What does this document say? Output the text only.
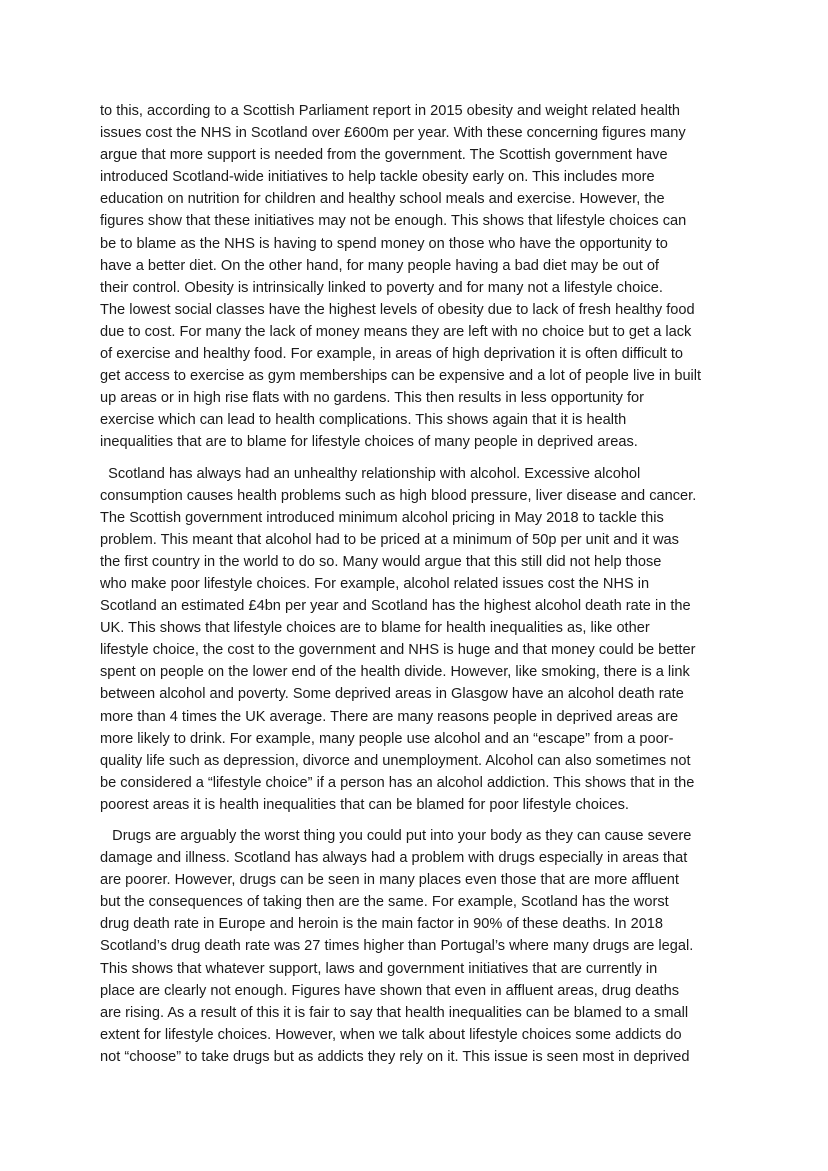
to this, according to a Scottish Parliament report in 2015 obesity and weight related health
issues cost the NHS in Scotland over £600m per year. With these concerning figures many
argue that more support is needed from the government. The Scottish government have
introduced Scotland-wide initiatives to help tackle obesity early on. This includes more
education on nutrition for children and healthy school meals and exercise. However, the
figures show that these initiatives may not be enough. This shows that lifestyle choices can
be to blame as the NHS is having to spend money on those who have the opportunity to
have a better diet. On the other hand, for many people having a bad diet may be out of
their control. Obesity is intrinsically linked to poverty and for many not a lifestyle choice.
The lowest social classes have the highest levels of obesity due to lack of fresh healthy food
due to cost. For many the lack of money means they are left with no choice but to get a lack
of exercise and healthy food. For example, in areas of high deprivation it is often difficult to
get access to exercise as gym memberships can be expensive and a lot of people live in built
up areas or in high rise flats with no gardens. This then results in less opportunity for
exercise which can lead to health complications. This shows again that it is health
inequalities that are to blame for lifestyle choices of many people in deprived areas.

Scotland has always had an unhealthy relationship with alcohol. Excessive alcohol
consumption causes health problems such as high blood pressure, liver disease and cancer.
The Scottish government introduced minimum alcohol pricing in May 2018 to tackle this
problem. This meant that alcohol had to be priced at a minimum of 50p per unit and it was
the first country in the world to do so. Many would argue that this still did not help those
who make poor lifestyle choices. For example, alcohol related issues cost the NHS in
Scotland an estimated £4bn per year and Scotland has the highest alcohol death rate in the
UK. This shows that lifestyle choices are to blame for health inequalities as, like other
lifestyle choice, the cost to the government and NHS is huge and that money could be better
spent on people on the lower end of the health divide. However, like smoking, there is a link
between alcohol and poverty. Some deprived areas in Glasgow have an alcohol death rate
more than 4 times the UK average. There are many reasons people in deprived areas are
more likely to drink. For example, many people use alcohol and an “escape” from a poor-
quality life such as depression, divorce and unemployment. Alcohol can also sometimes not
be considered a “lifestyle choice” if a person has an alcohol addiction. This shows that in the
poorest areas it is health inequalities that can be blamed for poor lifestyle choices.

Drugs are arguably the worst thing you could put into your body as they can cause severe
damage and illness. Scotland has always had a problem with drugs especially in areas that
are poorer. However, drugs can be seen in many places even those that are more affluent
but the consequences of taking then are the same. For example, Scotland has the worst
drug death rate in Europe and heroin is the main factor in 90% of these deaths. In 2018
Scotland’s drug death rate was 27 times higher than Portugal’s where many drugs are legal.
This shows that whatever support, laws and government initiatives that are currently in
place are clearly not enough. Figures have shown that even in affluent areas, drug deaths
are rising. As a result of this it is fair to say that health inequalities can be blamed to a small
extent for lifestyle choices. However, when we talk about lifestyle choices some addicts do
not “choose” to take drugs but as addicts they rely on it. This issue is seen most in deprived
